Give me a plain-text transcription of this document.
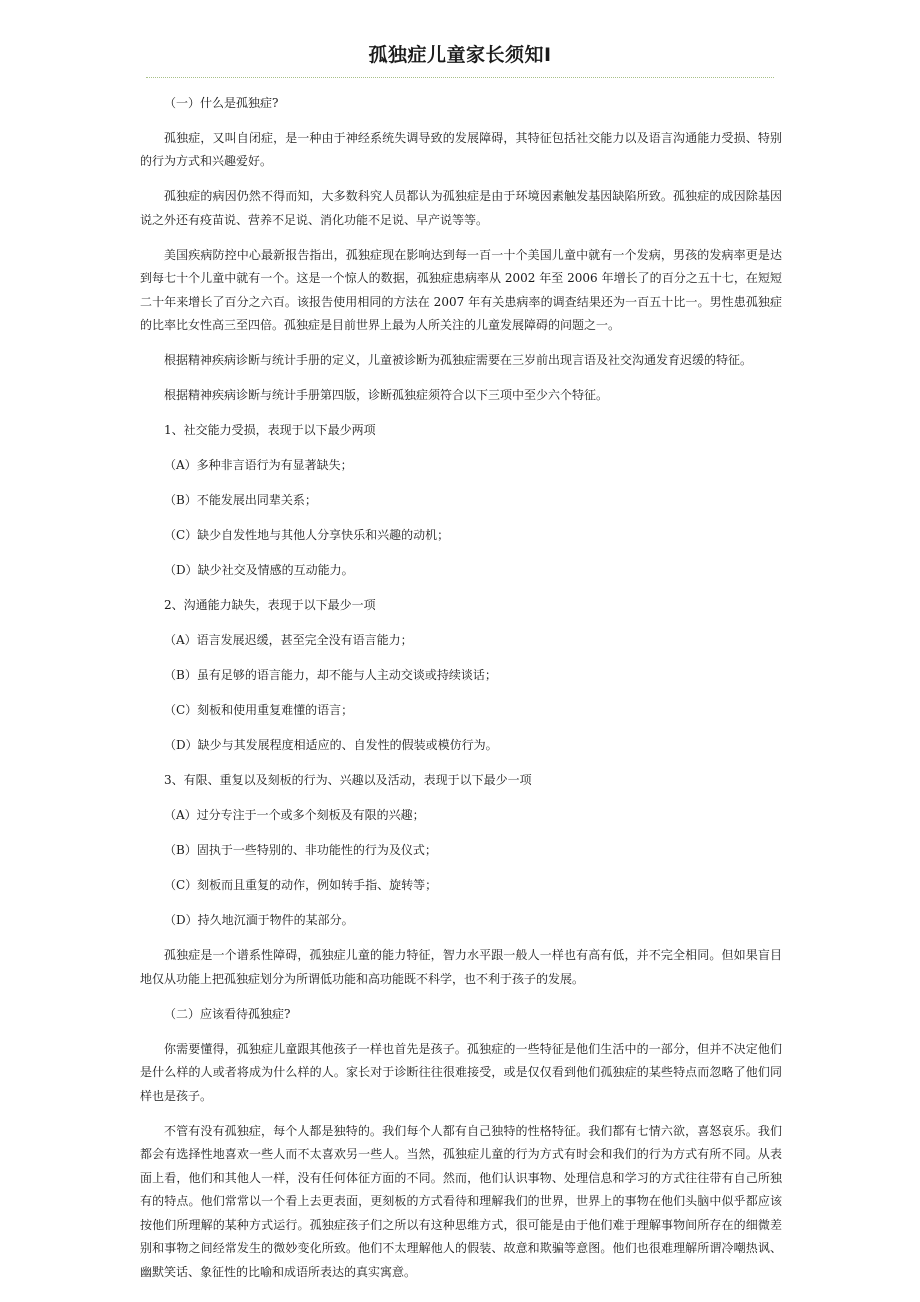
孤独症儿童家长须知Ⅰ

（一）什么是孤独症?

孤独症，又叫自闭症，是一种由于神经系统失调导致的发展障碍，其特征包括社交能力以及语言沟通能力受损、特别的行为方式和兴趣爱好。

孤独症的病因仍然不得而知，大多数科究人员都认为孤独症是由于环境因素触发基因缺陷所致。孤独症的成因除基因说之外还有疫苗说、营养不足说、消化功能不足说、早产说等等。

美国疾病防控中心最新报告指出，孤独症现在影响达到每一百一十个美国儿童中就有一个发病，男孩的发病率更是达到每七十个儿童中就有一个。这是一个惊人的数据，孤独症患病率从 2002 年至 2006 年增长了的百分之五十七，在短短二十年来增长了百分之六百。该报告使用相同的方法在 2007 年有关患病率的调查结果还为一百五十比一。男性患孤独症的比率比女性高三至四倍。孤独症是目前世界上最为人所关注的儿童发展障碍的问题之一。

根据精神疾病诊断与统计手册的定义，儿童被诊断为孤独症需要在三岁前出现言语及社交沟通发育迟缓的特征。

根据精神疾病诊断与统计手册第四版，诊断孤独症须符合以下三项中至少六个特征。

1、社交能力受损，表现于以下最少两项

（A）多种非言语行为有显著缺失；

（B）不能发展出同辈关系；

（C）缺少自发性地与其他人分享快乐和兴趣的动机；

（D）缺少社交及情感的互动能力。

2、沟通能力缺失，表现于以下最少一项

（A）语言发展迟缓，甚至完全没有语言能力；

（B）虽有足够的语言能力，却不能与人主动交谈或持续谈话；

（C）刻板和使用重复难懂的语言；

（D）缺少与其发展程度相适应的、自发性的假装或模仿行为。

3、有限、重复以及刻板的行为、兴趣以及活动，表现于以下最少一项

（A）过分专注于一个或多个刻板及有限的兴趣；

（B）固执于一些特别的、非功能性的行为及仪式；

（C）刻板而且重复的动作，例如转手指、旋转等；

（D）持久地沉湎于物件的某部分。

孤独症是一个谱系性障碍，孤独症儿童的能力特征，智力水平跟一般人一样也有高有低，并不完全相同。但如果盲目地仅从功能上把孤独症划分为所谓低功能和高功能既不科学，也不利于孩子的发展。

（二）应该看待孤独症?

你需要懂得，孤独症儿童跟其他孩子一样也首先是孩子。孤独症的一些特征是他们生活中的一部分，但并不决定他们是什么样的人或者将成为什么样的人。家长对于诊断往往很难接受，或是仅仅看到他们孤独症的某些特点而忽略了他们同样也是孩子。

不管有没有孤独症，每个人都是独特的。我们每个人都有自己独特的性格特征。我们都有七情六欲，喜怒哀乐。我们都会有选择性地喜欢一些人而不太喜欢另一些人。当然，孤独症儿童的行为方式有时会和我们的行为方式有所不同。从表面上看，他们和其他人一样，没有任何体征方面的不同。然而，他们认识事物、处理信息和学习的方式往往带有自己所独有的特点。他们常常以一个看上去更表面，更刻板的方式看待和理解我们的世界，世界上的事物在他们头脑中似乎都应该按他们所理解的某种方式运行。孤独症孩子们之所以有这种思维方式，很可能是由于他们难于理解事物间所存在的细微差别和事物之间经常发生的微妙变化所致。他们不太理解他人的假装、故意和欺骗等意图。他们也很难理解所谓冷嘲热讽、幽默笑话、象征性的比喻和成语所表达的真实寓意。
